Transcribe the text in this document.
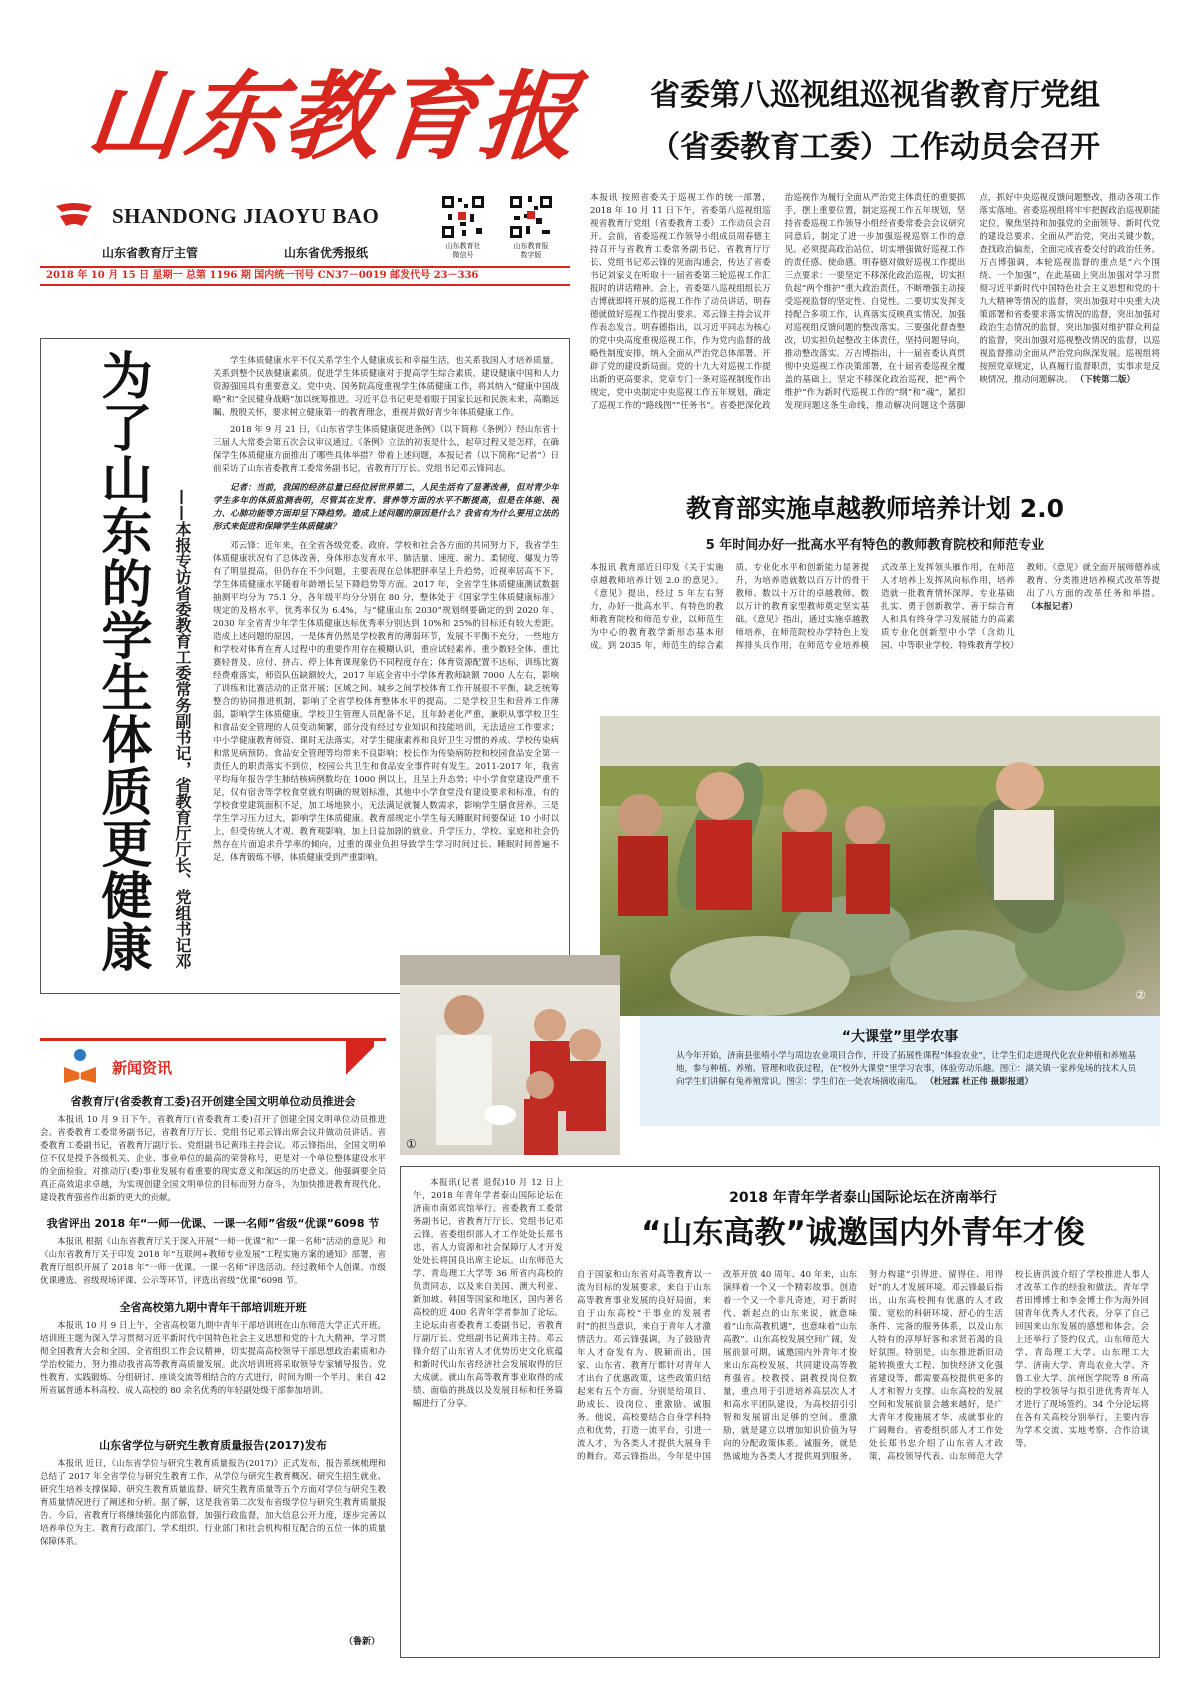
山东教育报
SHANDONG JIAOYU BAO
山东教育社
微信号
山东教育报
数字版
山东省教育厅主管	山东省优秀报纸
2018 年 10 月 15 日 星期一 总第 1196 期 国内统一刊号 CN37－0019 邮发代号 23－336
省委第八巡视组巡视省教育厅党组
（省委教育工委）工作动员会召开
本报讯 按照省委关于巡视工作的统一部署，2018 年 10 月 11 日下午，省委第八巡视组巡视省教育厅党组（省委教育工委）工作动员会召开。会前，省委巡视工作领导小组成员周春德主持召开与省教育工委常务副书记、省教育厅厅长、党组书记邓云锋的见面沟通会，传达了省委书记刘家义在听取十一届省委第三轮巡视工作汇报时的讲话精神。会上，省委第八巡视组组长万吉博就即将开展的巡视工作作了动员讲话，明春德就做好巡视工作提出要求。邓云锋主持会议并作表态发言。明春德指出，以习近平同志为核心的党中央高度重视巡视工作，作为党内监督的战略性制度安排，纳入全面从严治党总体部署。开辟了党的建设新局面。党的十九大对巡视工作提出新的更高要求，党章专门一条对巡视制度作出规定，党中央制定中央巡视工作五年规划，确定了巡视工作的“路线图”“任务书”。省委把深化政治巡视作为履行全面从严治党主体责任的重要抓手，摆上重要位置，制定巡视工作五年规划，坚持省委巡视工作领导小组经省委常委会会议研究同意后，制定了进一步加强巡视巡察工作的意见。必须提高政治站位，切实增强做好巡视工作的责任感、使命感。明春德对做好巡视工作提出三点要求：一要坚定不移深化政治巡视，切实担负起“两个维护”重大政治责任，不断增强主动接受巡视监督的坚定性、自觉性。二要切实发挥支持配合多项工作，认真落实反映真实情况，加强对巡视组反馈问题的整改落实。三要强化督查整改，切实担负起整改主体责任，坚持问题导向，推动整改落实。万吉博指出，十一届省委认真贯彻中央巡视工作决策部署，在十届省委巡视全覆盖的基础上，坚定不移深化政治巡视，把“两个维护”作为新时代巡视工作的“纲”和“魂”，紧扣发现问题这条生命线，推动解决问题这个落脚点，抓好中央巡视反馈问题整改，推动各项工作落实落地。省委巡视组将牢牢把握政治巡视职能定位，聚焦坚持和加强党的全面领导、新时代党的建设总要求、全面从严治党，突出关键少数，查找政治偏差，全面完成省委交付的政治任务。万吉博强调，本轮巡视监督的重点是“六个围绕、一个加强”，在此基础上突出加强对学习贯彻习近平新时代中国特色社会主义思想和党的十九大精神等情况的监督，突出加强对中央重大决策部署和省委要求落实情况的监督，突出加强对政治生态情况的监督，突出加强对维护群众利益的监督，突出加强对巡视整改情况的监督，以巡视监督推动全面从严治党向纵深发展。巡视组将按照党章规定，认真履行监督职责，实事求是反映情况，推动问题解决。 （下转第二版）
为了山东的学生体质更健康	——本报专访省委教育工委常务副书记，省教育厅厅长、党组书记邓

学生体质健康水平不仅关系学生个人健康成长和幸福生活，也关系我国人才培养质量，关系到整个民族健康素质。促进学生体质健康对于提高学生综合素质，建设健康中国和人力资源强国具有重要意义。党中央、国务院高度重视学生体质健康工作，将其纳入“健康中国战略”和“全民健身战略”加以统筹推进。习近平总书记更是着眼于国家长远和民族未来，高瞻远瞩、殷殷关怀，要求树立健康第一的教育理念，重视并做好青少年体质健康工作。

2018 年 9 月 21 日，《山东省学生体质健康促进条例》（以下简称《条例》）经山东省十三届人大常委会第五次会议审议通过。《条例》立法的初衷是什么，起草过程又是怎样，在确保学生体质健康方面推出了哪些具体举措？带着上述问题，本报记者（以下简称“记者”）日前采访了山东省委教育工委常务副书记，省教育厅厅长、党组书记邓云锋同志。

记者：当前，我国的经济总量已经位居世界第二，人民生活有了显著改善，但对青少年学生多年的体质监测表明，尽管其在发育、营养等方面的水平不断提高，但是在体能、视力、心肺功能等方面却呈下降趋势。造成上述问题的原因是什么？我省有为什么要用立法的形式来促进和保障学生体质健康？

邓云锋：近年来，在全省各级党委、政府、学校和社会各方面的共同努力下，我省学生体质健康状况有了总体改善，身体形态发育水平、肺活量、速度、耐力、柔韧度、爆发力等有了明显提高，但仍存在不少问题，主要表现在总体肥胖率呈上升趋势，近视率居高不下，学生体质健康水平随着年龄增长呈下降趋势等方面。2017 年，全省学生体质健康测试数据抽测平均分为 75.1 分，各年级平均分分别在 80 分，整体处于《国家学生体质健康标准》规定的及格水平，优秀率仅为 6.4%，与“健康山东 2030”规划纲要确定的到 2020 年、2030 年全省青少年学生体质健康达标优秀率分别达到 10%和 25%的目标还有较大差距。造成上述问题的原因，一是体育仍然是学校教育的薄弱环节，发展不平衡不充分，一些地方和学校对体育在育人过程中的重要作用存在模糊认识，重应试轻素养、重少数轻全体、重比赛轻普及、应付、挤占、停上体育课现象仍不同程度存在；体育资源配置不达标，训练比赛经费难落实，师资队伍缺额较大，2017 年底全省中小学体育教师缺额 7000 人左右，影响了训练和比赛活动的正常开展；区域之间、城乡之间学校体育工作开展很不平衡，缺乏统筹整合的协同推进机制，影响了全省学校体育整体水平的提高。二是学校卫生和营养工作薄弱，影响学生体质健康。学校卫生管理人员配备不足，且年龄老化严重，兼职从事学校卫生和食品安全管理的人员变动频繁，部分没有经过专业知识和技能培训，无法适应工作要求；中小学健康教育师资、课时无法落实，对学生健康素养和良好卫生习惯的养成、学校传染病和常见病预防、食品安全管理等均带来不良影响；校长作为传染病防控和校园食品安全第一责任人的职责落实不到位，校园公共卫生和食品安全事件时有发生。2011-2017 年，我省平均每年报告学生肺结核病例数均在 1000 例以上，且呈上升态势；中小学食堂建设严重不足，仅有宿舍等学校食堂就有明确的规划标准，其他中小学食堂没有建设要求和标准，有的学校食堂建筑面积不足，加工场地狭小，无法满足就餐人数需求，影响学生膳食营养。三是学生学习压力过大，影响学生体质健康。教育部规定小学生每天睡眠时间要保证 10 小时以上，但受传统人才观、教育观影响，加上日益加剧的就业、升学压力，学校、家庭和社会仍然存在片面追求升学率的倾向，过重的课业负担导致学生学习时间过长、睡眠时间普遍不足，体育锻炼不够，体质健康受到严重影响。

教育部实施卓越教师培养计划 2.0
5 年时间办好一批高水平有特色的教师教育院校和师范专业
本报讯 教育部近日印发《关于实施卓越教师培养计划 2.0 的意见》。《意见》提出，经过 5 年左右努力，办好一批高水平、有特色的教师教育院校和师范专业，以师范生为中心的教育教学新形态基本形成。到 2035 年，师范生的综合素质、专业化水平和创新能力显著提升，为培养造就数以百万计的骨干教师、数以十万计的卓越教师、数以万计的教育家型教师奠定坚实基础。《意见》指出，通过实施卓越教师培养，在师范院校办学特色上发挥排头兵作用，在师范专业培养模式改革上发挥领头雁作用，在师范人才培养上发挥风向标作用，培养造就一批教育情怀深厚、专业基础扎实、勇于创新教学、善于综合育人和具有终身学习发展能力的高素质专业化创新型中小学（含幼儿园、中等职业学校、特殊教育学校）教师。《意见》就全面开展师德养成教育、分类推进培养模式改革等提出了八方面的改革任务和举措。 （本报记者）
②
①
“大课堂”里学农事
从今年开始，济南县张啃小学与周边农业项目合作，开设了拓展性课程“体验农业”，让学生们走进现代化农业种植和养殖基地，参与种植、养殖、管理和收获过程，在“校外大课堂”里学习农事，体验劳动乐趣。图①：湖关镇一家养兔场的技术人员向学生们讲解有兔养殖常识。图②：学生们在一处农场摘收南瓜。 （杜冠霖 杜正伟 摄影报道）
新闻资讯
省教育厅(省委教育工委)召开创建全国文明单位动员推进会
本报讯 10 月 9 日下午，省教育厅(省委教育工委)召开了创建全国文明单位动员推进会。省委教育工委常务副书记，省教育厅厅长、党组书记邓云锋出席会议并做动员讲话。省委教育工委副书记，省教育厅副厅长、党组副书记黄玮主持会议。邓云锋指出，全国文明单位不仅是授予各级机关、企业、事业单位的最高的荣誉称号，更是对一个单位整体建设水平的全面检验。对推动厅(委)事业发展有着重要的现实意义和深远的历史意义。他强调要全员真正高效追求卓越，为实现创建全国文明单位的目标而努力奋斗，为加快推进教育现代化、建设教育强省作出新的更大的贡献。
我省评出 2018 年“一师一优课、一课一名师”省级“优课”6098 节
本报讯 根据《山东省教育厅关于深入开展“一师一优课”和“一课一名师”活动的意见》和《山东省教育厅关于印发 2018 年“互联网+教师专业发展”工程实施方案的通知》部署，省教育厅组织开展了 2018 年“一师一优课、一课一名师”评选活动。经过教师个人创课、市级优课遴选、省级现场评课、公示等环节，评选出省级“优课”6098 节。
全省高校第九期中青年干部培训班开班
本报讯 10 月 9 日上午，全省高校第九期中青年干部培训班在山东师范大学正式开班。培训班主题为深入学习贯彻习近平新时代中国特色社会主义思想和党的十九大精神，学习贯彻全国教育大会和全国、全省组织工作会议精神，切实提高高校领导干部思想政治素质和办学治校能力，努力推动我省高等教育高质量发展。此次培训班将采取领导专家辅导报告、党性教育、实践锻炼、分组研讨、座谈交流等相结合的方式进行，时间为期一个半月。来自 42 所省属普通本科高校、成人高校的 80 余名优秀的年轻副处级干部参加培训。
山东省学位与研究生教育质量报告(2017)发布
本报讯 近日，《山东省学位与研究生教育质量报告(2017)》正式发布，报告系统梳理和总结了 2017 年全省学位与研究生教育工作，从学位与研究生教育概况、研究生招生就业、研究生培养支撑保障、研究生教育质量监督、研究生教育质量等五个方面对学位与研究生教育质量情况进行了阐述和分析。据了解，这是我省第二次发布省级学位与研究生教育质量报告。今后，省教育厅将继续强化内部监督，加强行政监督，加大信息公开力度，逐步完善以培养单位为主、教育行政部门、学术组织、行业部门和社会机构相互配合的五位一体的质量保障体系。
（鲁新）
本报讯(记者 退侃)10 月 12 日上午，2018 年青年学者泰山国际论坛在济南市南郊宾馆举行。省委教育工委常务副书记，省教育厅厅长、党组书记邓云锋，省委组织部人才工作处处长郑书忠，省人力资源和社会保障厅人才开发处处长将国良出席主论坛。山东师范大学、青岛理工大学等 36 所省内高校的负责同志，以及来自美国、澳大利亚、新加坡、韩国等国家和地区，国内著名高校的近 400 名青年学者参加了论坛。主论坛由省委教育工委副书记，省教育厅副厅长、党组副书记黄玮主持。邓云锋介绍了山东省人才优势历史文化底蕴和新时代山东省经济社会发展取得的巨大成就。就山东高等教育事业取得的成绩、面临的挑战以及发展目标和任务篇幅进行了分享。
2018 年青年学者泰山国际论坛在济南举行
“山东高教”诚邀国内外青年才俊
自于国家和山东省对高等教育以一流为目标的发展要求，来自于山东高等教育事业发展的良好局面，来自于山东高校“干事业的发展者时”的担当意识，来自于青年人才激情活力。邓云锋强调，为了鼓励青年人才奋发有为、脱颖而出，国家、山东省、教育厅都针对青年人才出台了优惠政策，这些政策归结起来有五个方面，分别是给项目、助成长、设岗位、重激励、诚服务。他说，高校要结合自身学科特点和优势，打造一流平台，引进一流人才，为各类人才提供大展身手的舞台。邓云锋指出，今年是中国改革开放 40 周年、40 年来，山东演绎着一个又一个精彩故事。创造着一个又一个非凡奇迹，对于新时代、新起点的山东来说，就意味着“山东高教机遇”，也意味着“山东高教”。山东高校发展空间广阔，发展前景可期，诚邀国内外青年才俊来山东高校发展，共同建设高等教育强省。校教授、副教授岗位数量，重点用于引进培养高层次人才和高水平团队建设，为高校招引引智和发展留出足够的空间。重激励，就是建立以增加知识价值为导向的分配政策体系。诚服务，就是热诚地为各类人才提供周到服务，努力构建“引得进、留得住、用得好”的人才发展环境。邓云锋最后指出，山东高校拥有优惠的人才政策、宽松的科研环境、舒心的生活条件、完备的服务体系，以及山东人特有的淳厚好客和求贤若渴的良好氛围。特别是，山东推进新旧动能转换重大工程、加快经济文化强省建设等，都需要高校提供更多的人才和智力支撑。山东高校的发展空间和发展前景会越来越好，是广大青年才俊施展才华、成就事业的广阔舞台。省委组织部人才工作处处长郑书忠介绍了山东省人才政策，高校领导代表、山东师范大学校长唐洪波介绍了学校推进人事人才改革工作的经验和做法。青年学者田博博士和李金博士作为海外回国青年优秀人才代表，分享了自己回国来山东发展的感想和体会。会上还举行了签约仪式，山东师范大学、青岛理工大学、山东理工大学、济南大学、青岛农业大学、齐鲁工业大学、滨州医学院等 8 所高校的学校领导与拟引进优秀青年人才进行了现场签约。34 个分论坛将在各有关高校分别举行，主要内容为学术交流、实地考察、合作洽谈等。
